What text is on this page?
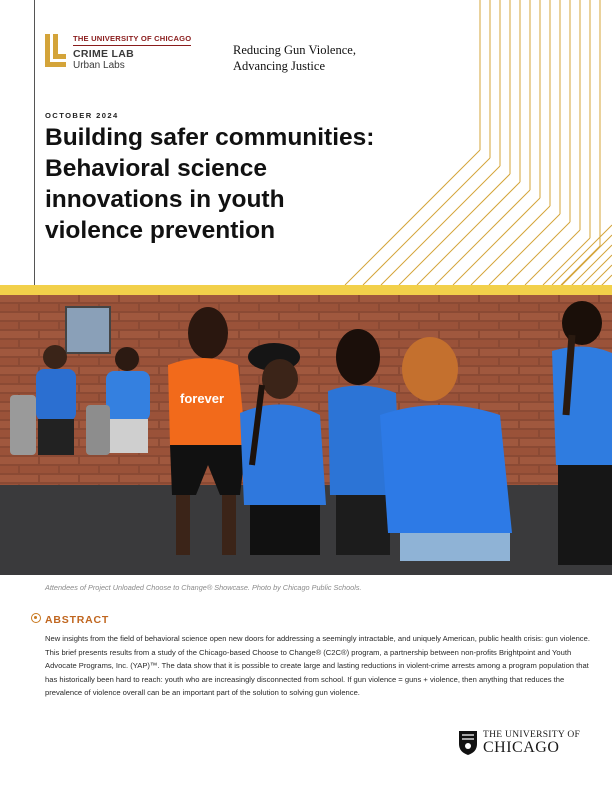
THE UNIVERSITY OF CHICAGO
CRIME LAB
Urban Labs
Reducing Gun Violence,
Advancing Justice
OCTOBER 2024
Building safer communities:
Behavioral science
innovations in youth
violence prevention
forever
Attendees of Project Unloaded Choose to Change® Showcase. Photo by Chicago Public Schools.
ABSTRACT
New insights from the field of behavioral science open new doors for addressing a seemingly intractable, and uniquely American, public health crisis: gun violence. This brief presents results from a study of the Chicago-based Choose to Change® (C2C®) program, a partnership between non-profits Brightpoint and Youth Advocate Programs, Inc. (YAP)™. The data show that it is possible to create large and lasting reductions in violent-crime arrests among a program population that has historically been hard to reach: youth who are increasingly disconnected from school. If gun violence = guns + violence, then anything that reduces the prevalence of violence overall can be an important part of the solution to solving gun violence.
THE UNIVERSITY OF
CHICAGO
